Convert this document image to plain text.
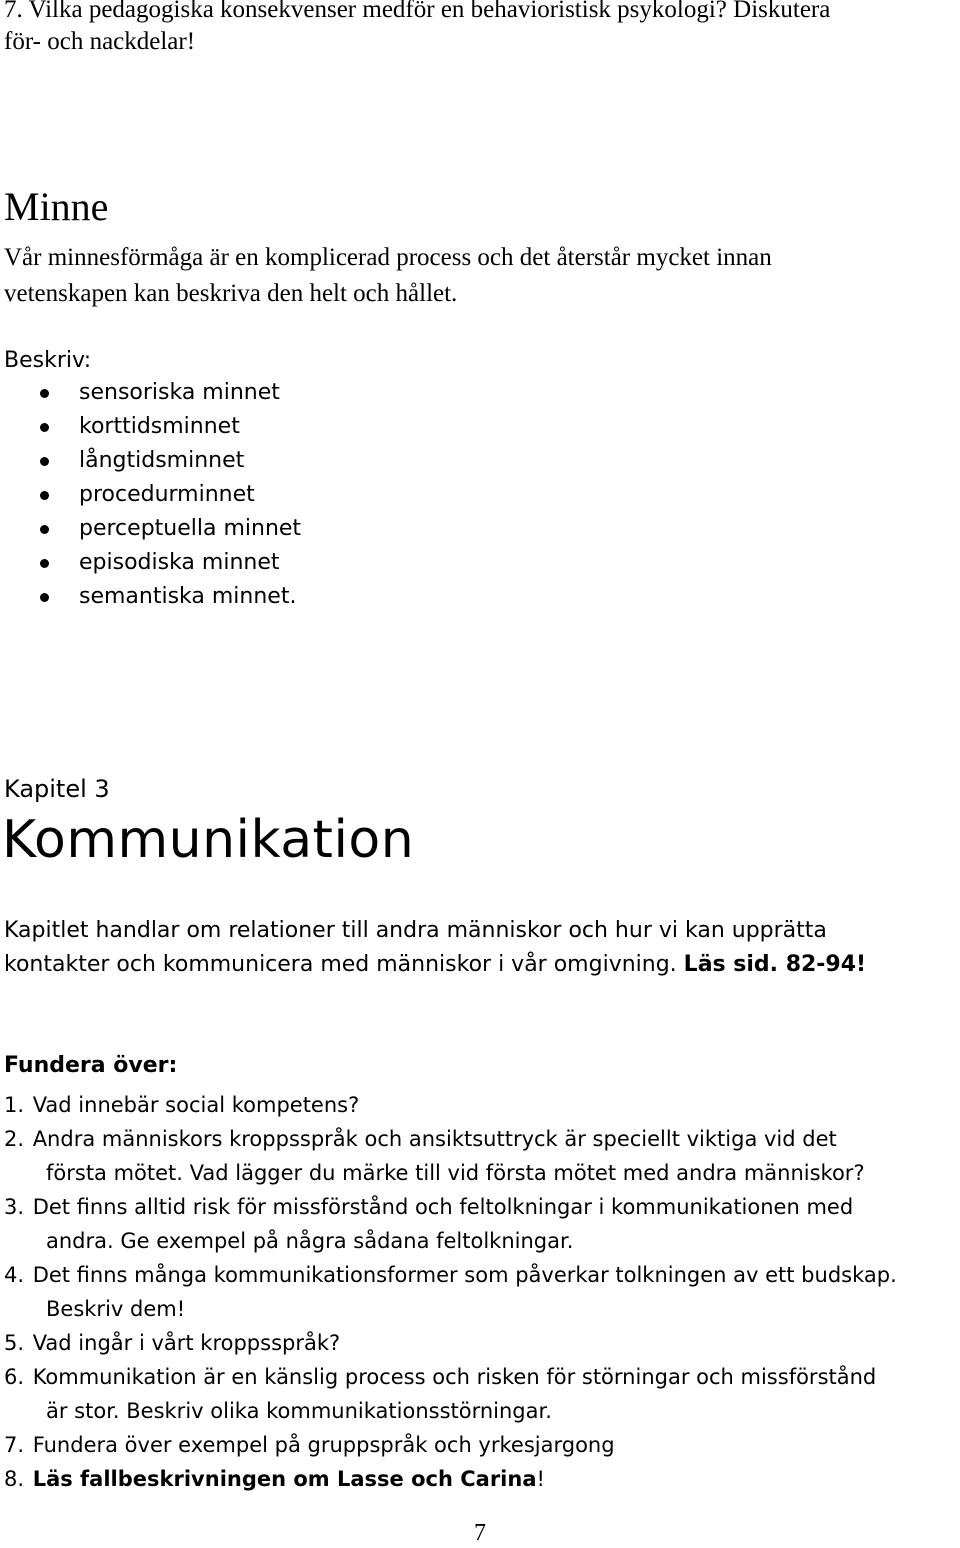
7. Vilka pedagogiska konsekvenser medför en behavioristisk psykologi? Diskutera
för- och nackdelar!
Minne
Vår minnesförmåga är en komplicerad process och det återstår mycket innan
vetenskapen kan beskriva den helt och hållet.
Beskriv:
sensoriska minnet
korttidsminnet
långtidsminnet
procedurminnet
perceptuella minnet
episodiska minnet
semantiska minnet.
Kapitel 3
Kommunikation
Kapitlet handlar om relationer till andra människor och hur vi kan upprätta
kontakter och kommunicera med människor i vår omgivning. Läs sid. 82-94!
Fundera över:
1. Vad innebär social kompetens?
2. Andra människors kroppsspråk och ansiktsuttryck är speciellt viktiga vid det
första mötet. Vad lägger du märke till vid första mötet med andra människor?
3. Det finns alltid risk för missförstånd och feltolkningar i kommunikationen med
andra. Ge exempel på några sådana feltolkningar.
4. Det finns många kommunikationsformer som påverkar tolkningen av ett budskap.
Beskriv dem!
5. Vad ingår i vårt kroppsspråk?
6. Kommunikation är en känslig process och risken för störningar och missförstånd
är stor. Beskriv olika kommunikationsstörningar.
7. Fundera över exempel på gruppspråk och yrkesjargong
8. Läs fallbeskrivningen om Lasse och Carina!
7
